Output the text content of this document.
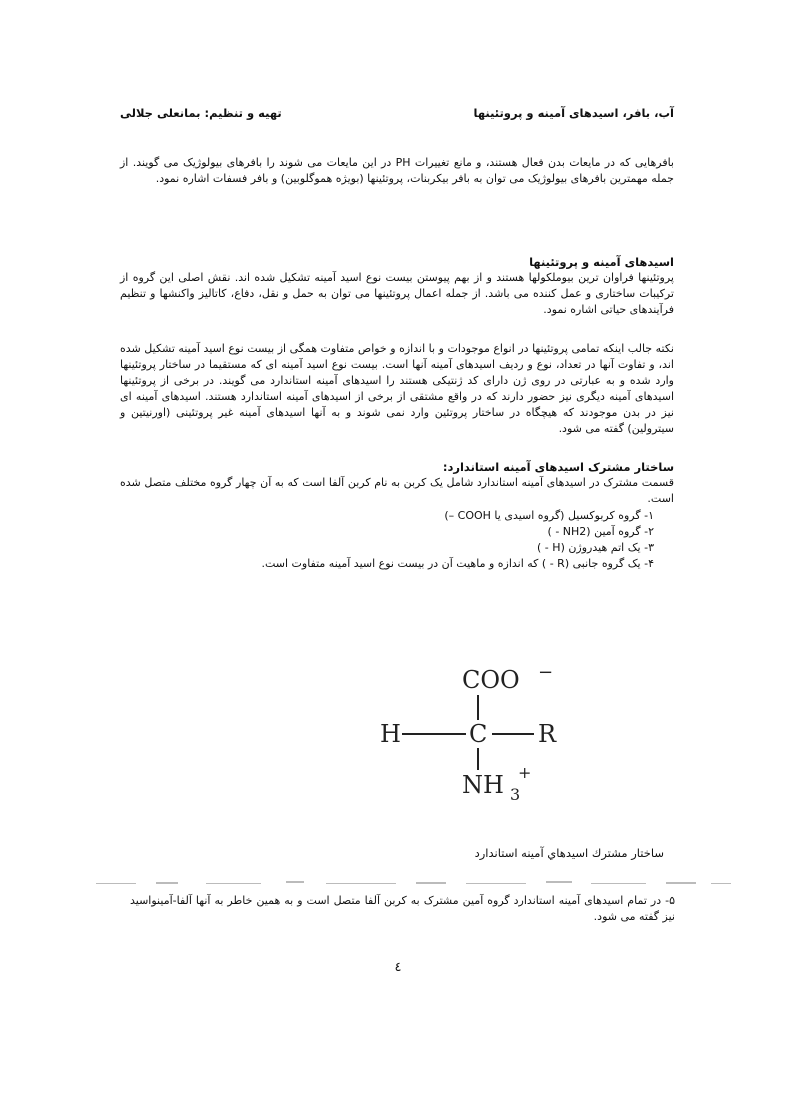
آب، بافر، اسیدهای آمینه و پروتئینها
تهیه و تنظیم: بمانعلی جلالی
بافرهایی که در مایعات بدن فعال هستند، و مانع تغییرات PH در این مایعات می شوند را بافرهای بیولوژیک می گویند. از جمله مهمترین بافرهای بیولوژیک می توان به بافر بیکربنات، پروتئینها (بویژه هموگلوبین) و بافر فسفات اشاره نمود.
اسیدهای آمینه و پروتئینها
پروتئینها فراوان ترین بیوملکولها هستند و از بهم پیوستن بیست نوع اسید آمینه تشکیل شده اند. نقش اصلی این گروه از ترکیبات ساختاری و عمل کننده می باشد. از جمله اعمال پروتئینها می توان به حمل و نقل، دفاع، کاتالیز واکنشها و تنظیم فرآیندهای حیاتی اشاره نمود.
نکته جالب اینکه تمامی پروتئینها در انواع موجودات و با اندازه و خواص متفاوت همگی از بیست نوع اسید آمینه تشکیل شده اند، و تفاوت آنها در تعداد، نوع و ردیف اسیدهای آمینه آنها است. بیست نوع اسید آمینه ای که مستقیما در ساختار پروتئینها وارد شده و به عبارتی در روی ژن دارای کد ژنتیکی هستند را اسیدهای آمینه استاندارد می گویند. در برخی از پروتئینها اسیدهای آمینه دیگری نیز حضور دارند که در واقع مشتقی از برخی از اسیدهای آمینه استاندارد هستند. اسیدهای آمینه ای نیز در بدن موجودند که هیچگاه در ساختار پروتئین وارد نمی شوند و به آنها اسیدهای آمینه غیر پروتئینی (اورنیتین و سیترولین) گفته می شود.
ساختار مشترک اسیدهای آمینه استاندارد:
قسمت مشترک در اسیدهای آمینه استاندارد شامل یک کربن به نام کربن آلفا است که به آن چهار گروه مختلف متصل شده است.
۱- گروه کربوکسیل (گروه اسیدی یا COOH –)
۲- گروه آمین (NH2 - )
۳- یک اتم هیدروژن (H - )
۴- یک گروه جانبی (R - ) که اندازه و ماهیت آن در بیست نوع اسید آمینه متفاوت است.
COO −
H	C R
NH 3
+
ساختار مشترك اسيدهاي آمينه استاندارد
۵- در تمام اسیدهای آمینه استاندارد گروه آمین مشترک به کربن آلفا متصل است و به همین خاطر به آنها آلفا-آمینواسید نیز گفته می شود.
٤
